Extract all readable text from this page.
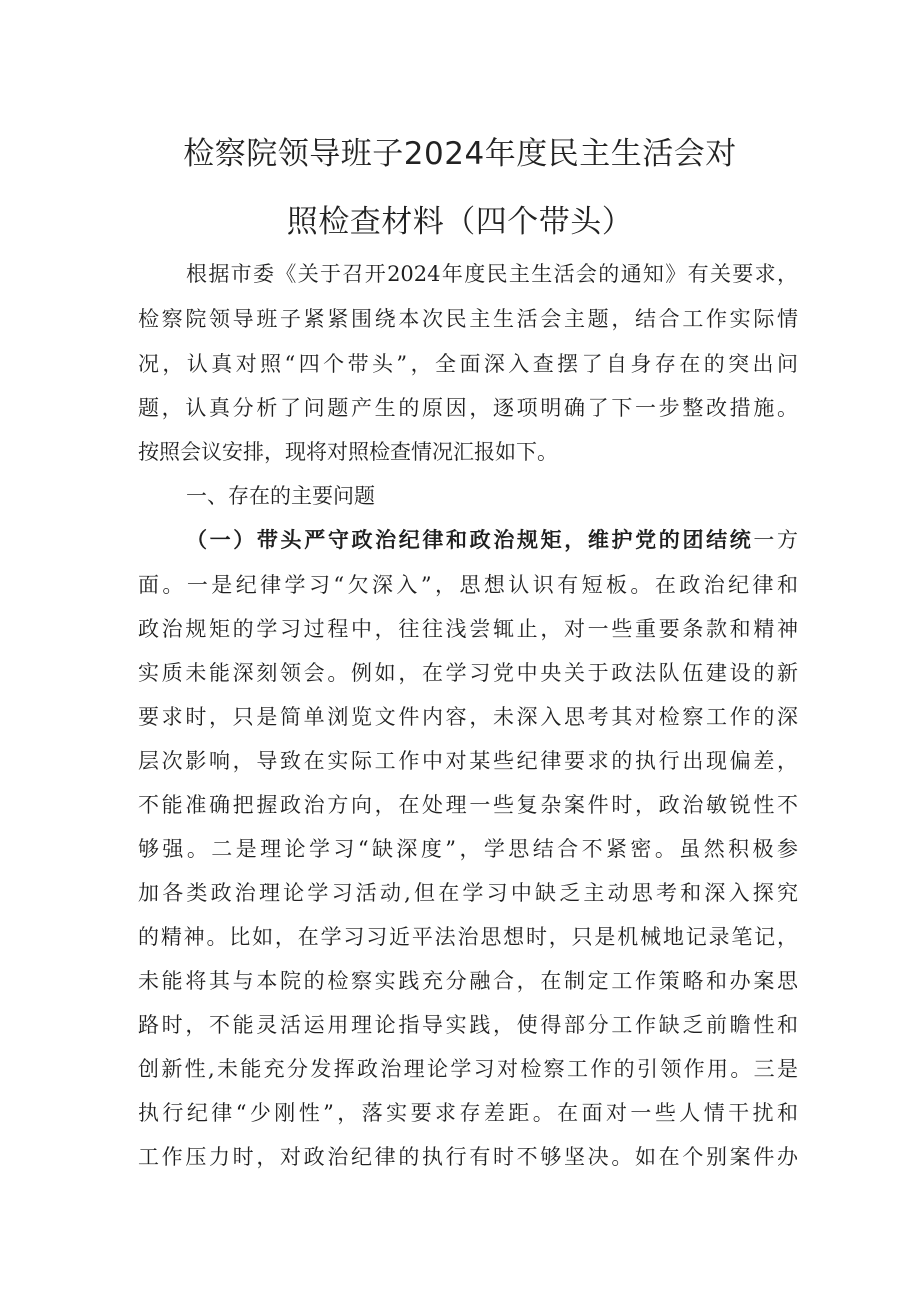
检察院领导班子2024年度民主生活会对
照检查材料（四个带头）
根据市委《关于召开2024年度民主生活会的通知》有关要求，
检察院领导班子紧紧围绕本次民主生活会主题，结合工作实际情
况，认真对照“四个带头”，全面深入查摆了自身存在的突出问
题，认真分析了问题产生的原因，逐项明确了下一步整改措施。
按照会议安排，现将对照检查情况汇报如下。
一、存在的主要问题
（一）带头严守政治纪律和政治规矩，维护党的团结统一方
面。一是纪律学习“欠深入”，思想认识有短板。在政治纪律和
政治规矩的学习过程中，往往浅尝辄止，对一些重要条款和精神
实质未能深刻领会。例如，在学习党中央关于政法队伍建设的新
要求时，只是简单浏览文件内容，未深入思考其对检察工作的深
层次影响，导致在实际工作中对某些纪律要求的执行出现偏差，
不能准确把握政治方向，在处理一些复杂案件时，政治敏锐性不
够强。二是理论学习“缺深度”，学思结合不紧密。虽然积极参
加各类政治理论学习活动,但在学习中缺乏主动思考和深入探究
的精神。比如，在学习习近平法治思想时，只是机械地记录笔记，
未能将其与本院的检察实践充分融合，在制定工作策略和办案思
路时，不能灵活运用理论指导实践，使得部分工作缺乏前瞻性和
创新性,未能充分发挥政治理论学习对检察工作的引领作用。三是
执行纪律“少刚性”，落实要求存差距。在面对一些人情干扰和
工作压力时，对政治纪律的执行有时不够坚决。如在个别案件办
